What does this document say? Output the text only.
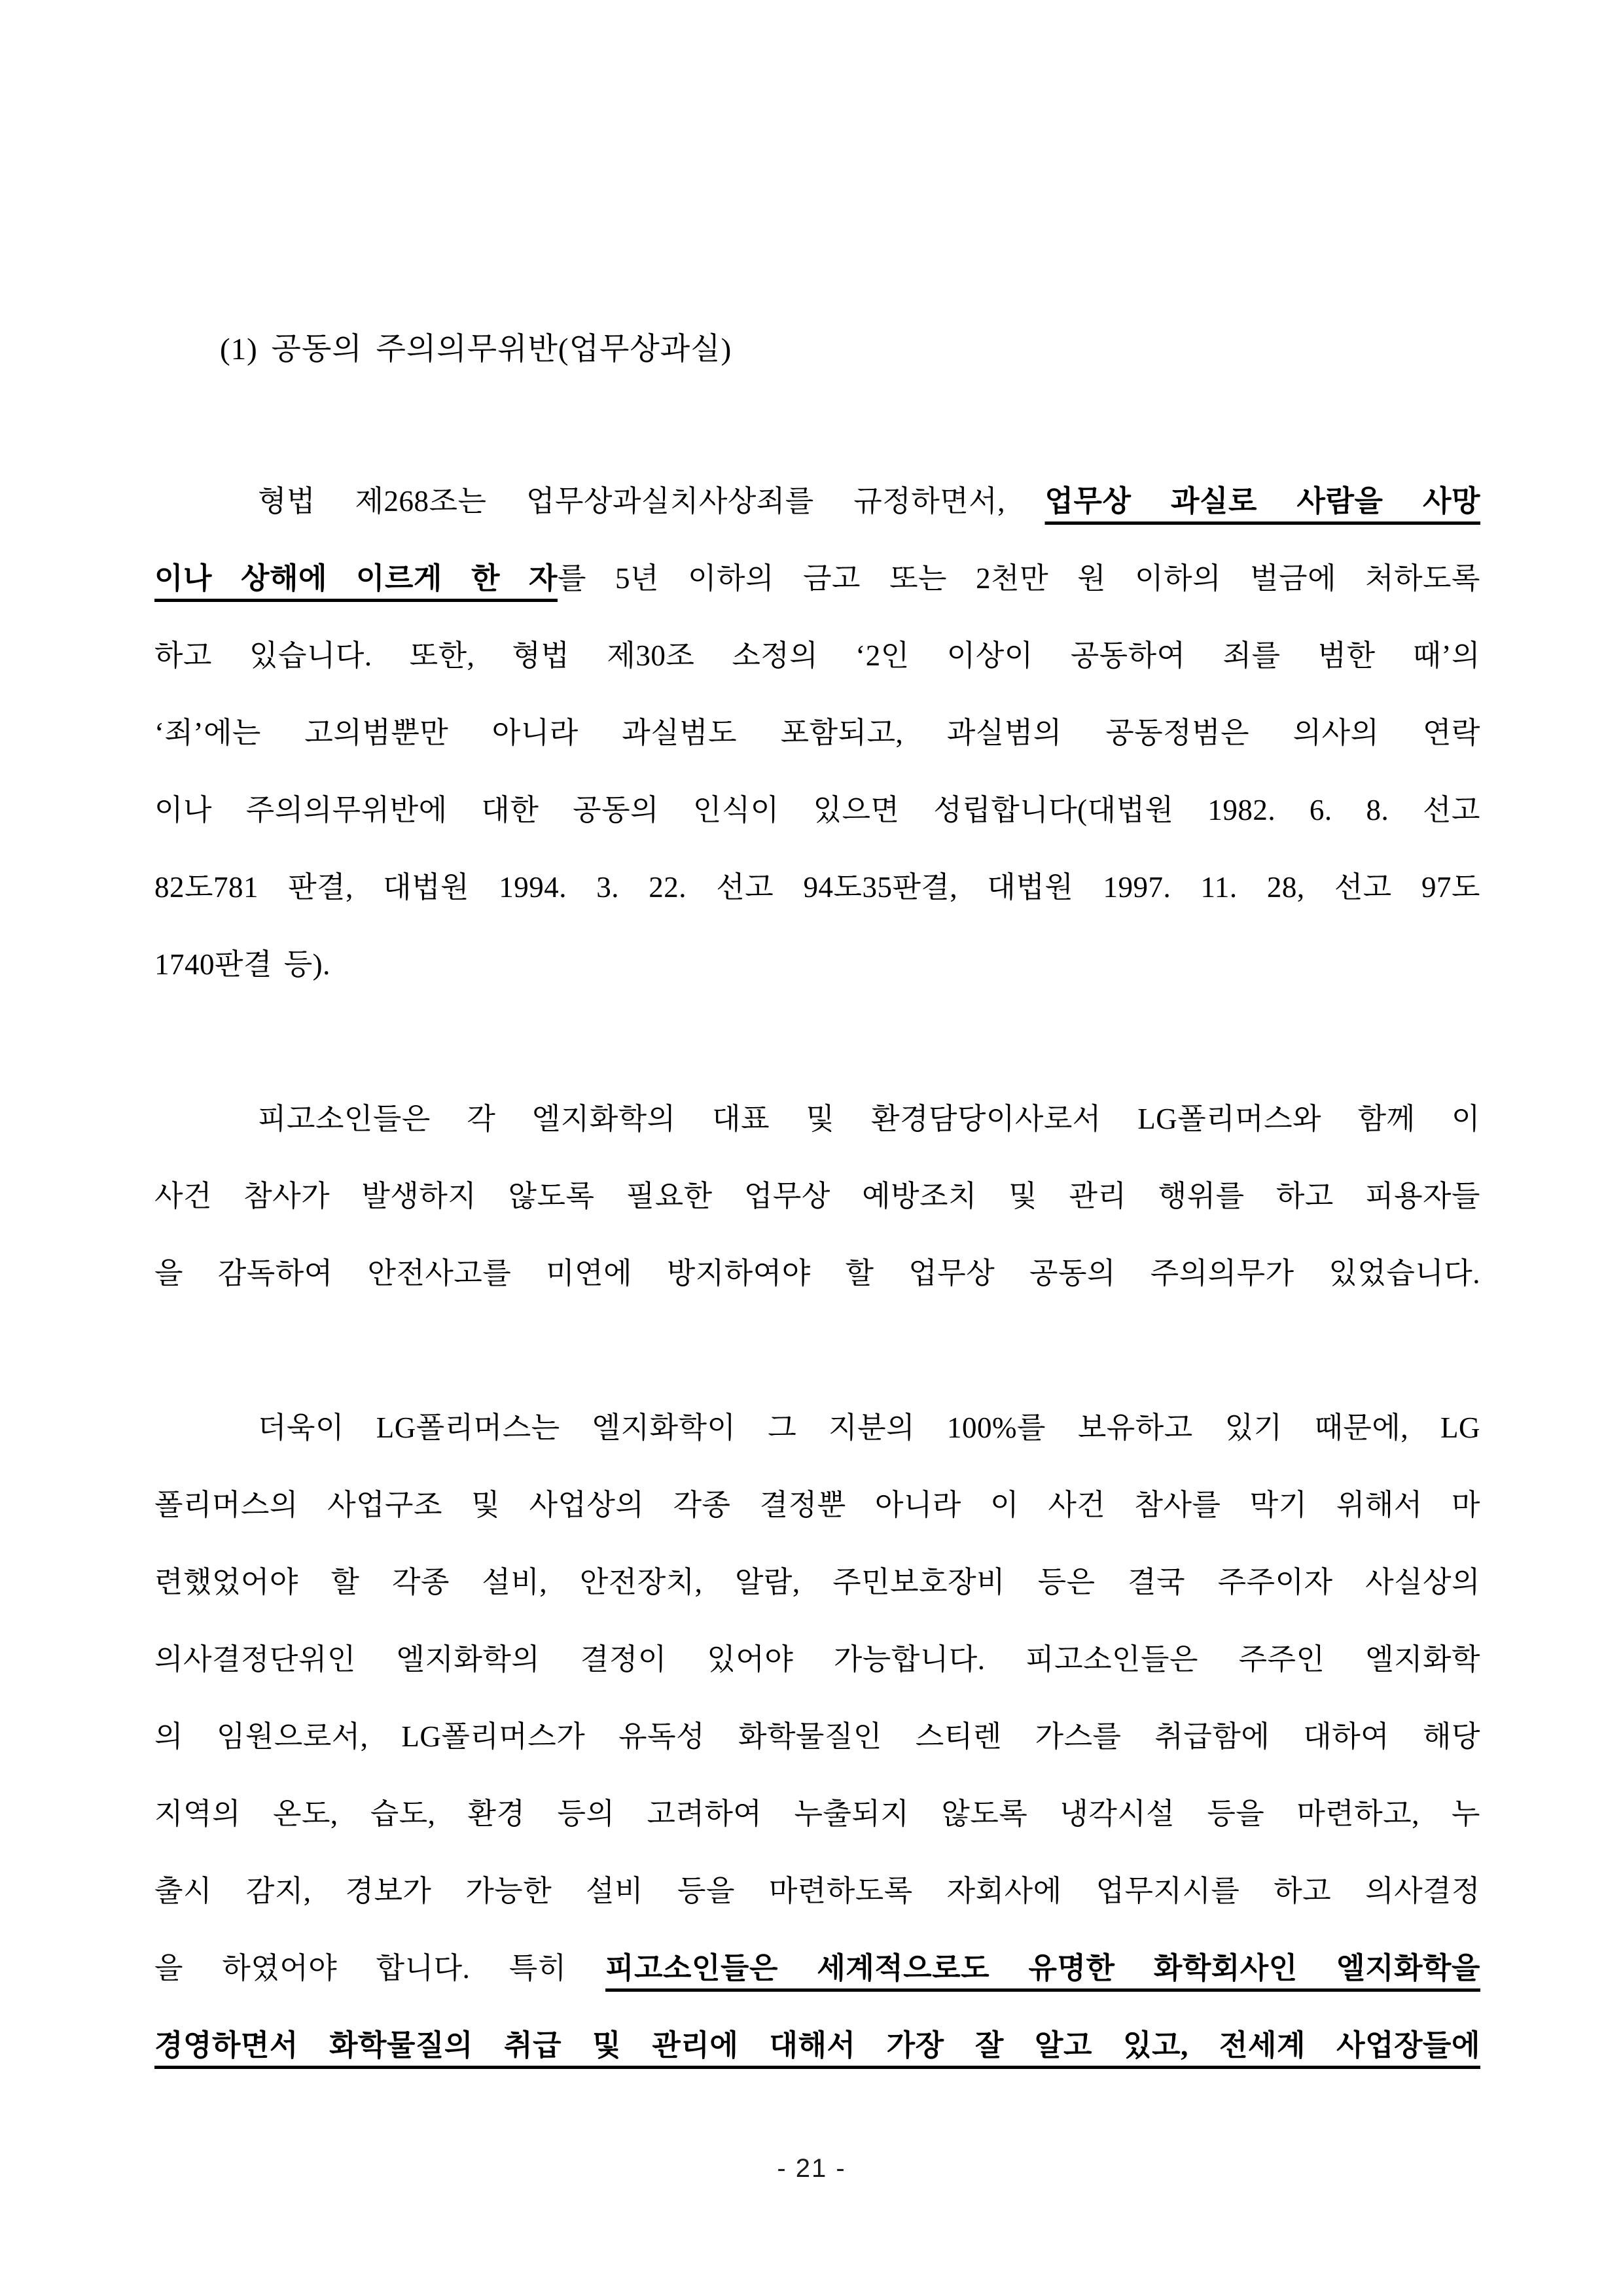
(1) 공동의 주의의무위반(업무상과실)
형법 제268조는 업무상과실치사상죄를 규정하면서, 업무상 과실로 사람을 사망
이나 상해에 이르게 한 자를 5년 이하의 금고 또는 2천만 원 이하의 벌금에 처하도록
하고 있습니다. 또한, 형법 제30조 소정의 ‘2인 이상이 공동하여 죄를 범한 때’의
‘죄’에는 고의범뿐만 아니라 과실범도 포함되고, 과실범의 공동정범은 의사의 연락
이나 주의의무위반에 대한 공동의 인식이 있으면 성립합니다(대법원 1982. 6. 8. 선고
82도781 판결, 대법원 1994. 3. 22. 선고 94도35판결, 대법원 1997. 11. 28, 선고 97도
1740판결 등).
피고소인들은 각 엘지화학의 대표 및 환경담당이사로서 LG폴리머스와 함께 이
사건 참사가 발생하지 않도록 필요한 업무상 예방조치 및 관리 행위를 하고 피용자들
을 감독하여 안전사고를 미연에 방지하여야 할 업무상 공동의 주의의무가 있었습니다.
더욱이 LG폴리머스는 엘지화학이 그 지분의 100%를 보유하고 있기 때문에, LG
폴리머스의 사업구조 및 사업상의 각종 결정뿐 아니라 이 사건 참사를 막기 위해서 마
련했었어야 할 각종 설비, 안전장치, 알람, 주민보호장비 등은 결국 주주이자 사실상의
의사결정단위인 엘지화학의 결정이 있어야 가능합니다. 피고소인들은 주주인 엘지화학
의 임원으로서, LG폴리머스가 유독성 화학물질인 스티렌 가스를 취급함에 대하여 해당
지역의 온도, 습도, 환경 등의 고려하여 누출되지 않도록 냉각시설 등을 마련하고, 누
출시 감지, 경보가 가능한 설비 등을 마련하도록 자회사에 업무지시를 하고 의사결정
을 하였어야 합니다. 특히 피고소인들은 세계적으로도 유명한 화학회사인 엘지화학을
경영하면서 화학물질의 취급 및 관리에 대해서 가장 잘 알고 있고, 전세계 사업장들에
- 21 -
